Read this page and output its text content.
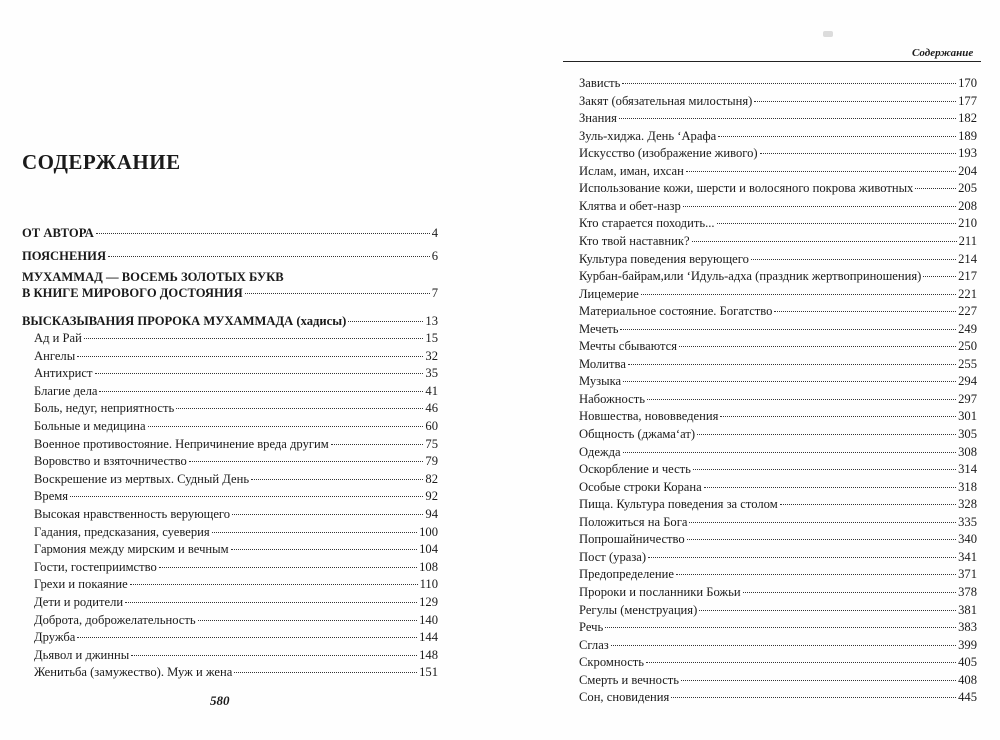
СОДЕРЖАНИЕ
ОТ АВТОРА	4
ПОЯСНЕНИЯ	6
МУХАММАД — ВОСЕМЬ ЗОЛОТЫХ БУКВ
В КНИГЕ МИРОВОГО ДОСТОЯНИЯ	7
ВЫСКАЗЫВАНИЯ ПРОРОКА МУХАММАДА (хадисы)	13
Ад и Рай	15
Ангелы	32
Антихрист	35
Благие дела	41
Боль, недуг, неприятность	46
Больные и медицина	60
Военное противостояние. Непричинение вреда другим	75
Воровство и взяточничество	79
Воскрешение из мертвых. Судный День	82
Время	92
Высокая нравственность верующего	94
Гадания, предсказания, суеверия	100
Гармония между мирским и вечным	104
Гости, гостеприимство	108
Грехи и покаяние	110
Дети и родители	129
Доброта, доброжелательность	140
Дружба	144
Дьявол и джинны	148
Женитьба (замужество). Муж и жена	151
Содержание
Зависть	170
Закят (обязательная милостыня)	177
Знания	182
Зуль-хиджа. День ‘Арафа	189
Искусство (изображение живого)	193
Ислам, иман, ихсан	204
Использование кожи, шерсти и волосяного покрова животных	205
Клятва и обет-назр	208
Кто старается походить...	210
Кто твой наставник?	211
Культура поведения верующего	214
Курбан-байрам,или ‘Идуль-адха (праздник жертвоприношения)	217
Лицемерие	221
Материальное состояние. Богатство	227
Мечеть	249
Мечты сбываются	250
Молитва	255
Музыка	294
Набожность	297
Новшества, нововведения	301
Общность (джама‘ат)	305
Одежда	308
Оскорбление и честь	314
Особые строки Корана	318
Пища. Культура поведения за столом	328
Положиться на Бога	335
Попрошайничество	340
Пост (ураза)	341
Предопределение	371
Пророки и посланники Божьи	378
Регулы (менструация)	381
Речь	383
Сглаз	399
Скромность	405
Смерть и вечность	408
Сон, сновидения	445
580
